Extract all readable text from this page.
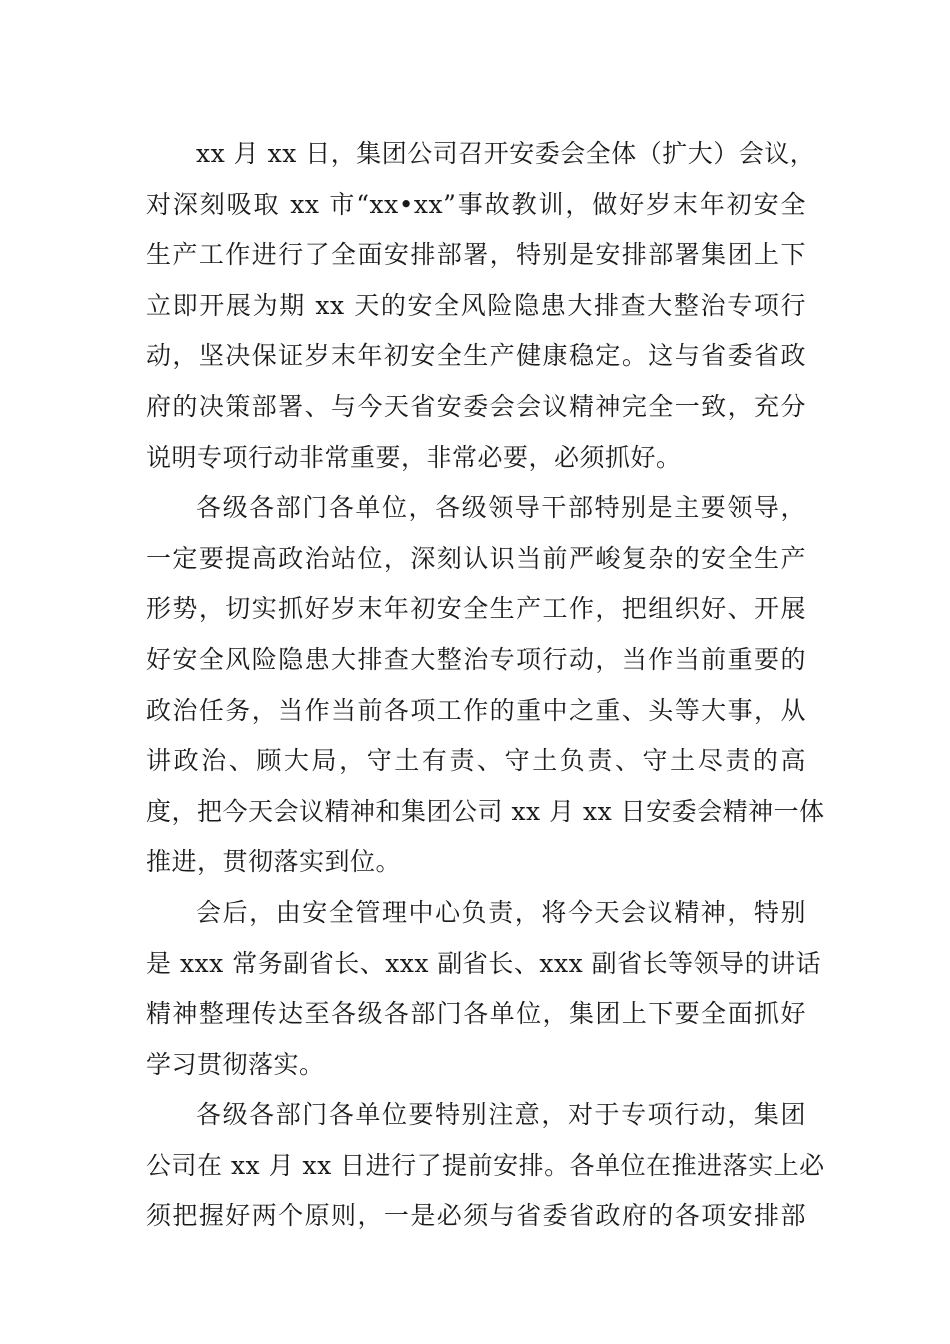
xx 月 xx 日，集团公司召开安委会全体（扩大）会议，
对深刻吸取 xx 市“xx•xx”事故教训，做好岁末年初安全
生产工作进行了全面安排部署，特别是安排部署集团上下
立即开展为期 xx 天的安全风险隐患大排查大整治专项行
动，坚决保证岁末年初安全生产健康稳定。这与省委省政
府的决策部署、与今天省安委会会议精神完全一致，充分
说明专项行动非常重要，非常必要，必须抓好。
各级各部门各单位，各级领导干部特别是主要领导，
一定要提高政治站位，深刻认识当前严峻复杂的安全生产
形势，切实抓好岁末年初安全生产工作，把组织好、开展
好安全风险隐患大排查大整治专项行动，当作当前重要的
政治任务，当作当前各项工作的重中之重、头等大事，从
讲政治、顾大局，守土有责、守土负责、守土尽责的高
度，把今天会议精神和集团公司 xx 月 xx 日安委会精神一体
推进，贯彻落实到位。
会后，由安全管理中心负责，将今天会议精神，特别
是 xxx 常务副省长、xxx 副省长、xxx 副省长等领导的讲话
精神整理传达至各级各部门各单位，集团上下要全面抓好
学习贯彻落实。
各级各部门各单位要特别注意，对于专项行动，集团
公司在 xx 月 xx 日进行了提前安排。各单位在推进落实上必
须把握好两个原则，一是必须与省委省政府的各项安排部
